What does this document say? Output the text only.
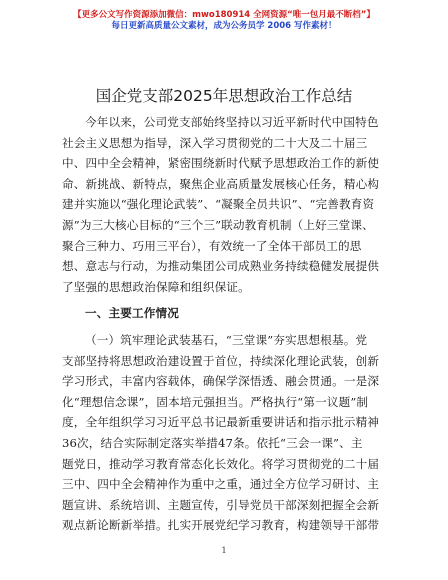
【更多公文写作资源添加微信：mwo180914 全网资源“唯一包月最不断档”】
每日更新高质量公文素材，成为公务员学 2006 写作素材！
国企党支部2025年思想政治工作总结
今年以来，公司党支部始终坚持以习近平新时代中国特色
社会主义思想为指导，深入学习贯彻党的二十大及二十届三
中、四中全会精神，紧密围绕新时代赋予思想政治工作的新使
命、新挑战、新特点，聚焦企业高质量发展核心任务，精心构
建并实施以“强化理论武装”、“凝聚全员共识”、“完善教育资
源”为三大核心目标的“三个三”联动教育机制（上好三堂课、
聚合三种力、巧用三平台），有效统一了全体干部员工的思
想、意志与行动，为推动集团公司成熟业务持续稳健发展提供
了坚强的思想政治保障和组织保证。
一、主要工作情况
（一）筑牢理论武装基石，“三堂课”夯实思想根基。党
支部坚持将思想政治建设置于首位，持续深化理论武装，创新
学习形式，丰富内容载体，确保学深悟透、融会贯通。一是深
化“理想信念课”，固本培元强担当。严格执行“第一议题”制
度，全年组织学习习近平总书记最新重要讲话和指示批示精神
36次，结合实际制定落实举措47条。依托“三会一课”、主
题党日，推动学习教育常态化长效化。将学习贯彻党的二十届
三中、四中全会精神作为重中之重，通过全方位学习研讨、主
题宣讲、系统培训、主题宣传，引导党员干部深刻把握全会新
观点新论断新举措。扎实开展党纪学习教育，构建领导干部带
1
